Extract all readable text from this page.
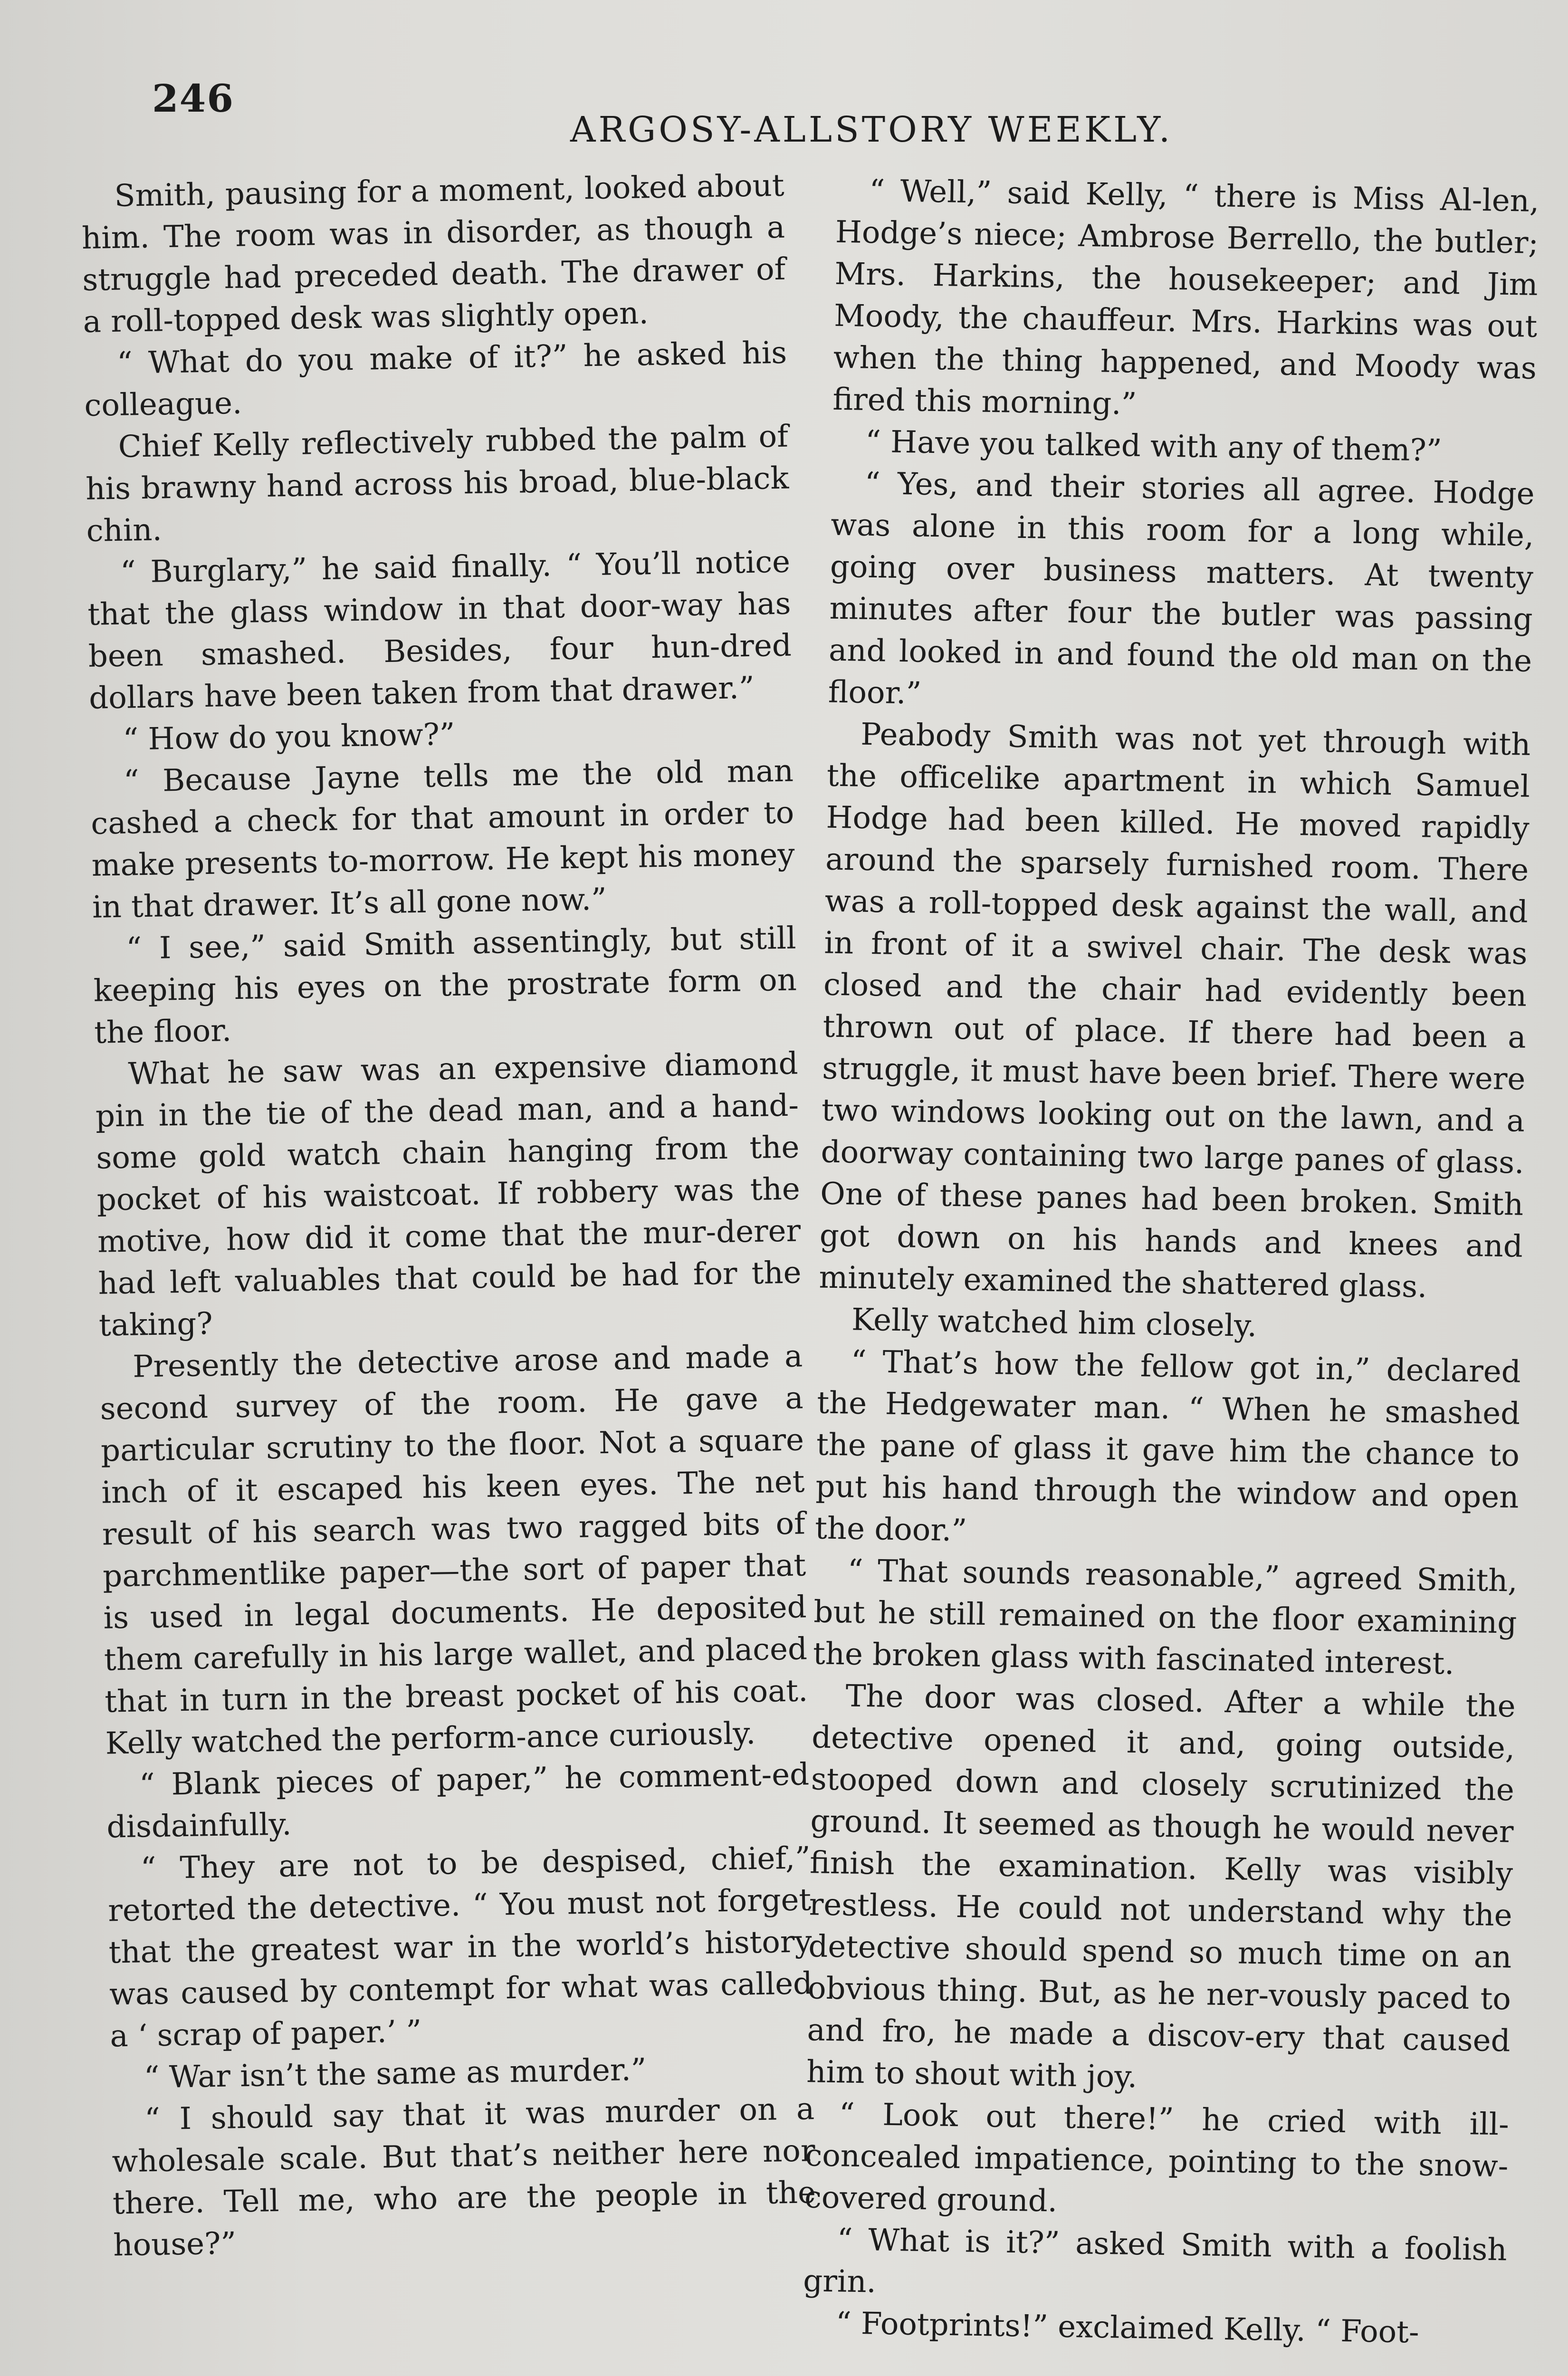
246
ARGOSY-ALLSTORY WEEKLY.

Smith, pausing for a moment, looked about him. The room was in disorder, as though a struggle had preceded death. The drawer of a roll-topped desk was slightly open.

“ What do you make of it?” he asked his colleague.

Chief Kelly reflectively rubbed the palm of his brawny hand across his broad, blue-black chin.

“ Burglary,” he said finally. “ You’ll notice that the glass window in that door-way has been smashed. Besides, four hun-dred dollars have been taken from that drawer.”

“ How do you know?”

“ Because Jayne tells me the old man cashed a check for that amount in order to make presents to-morrow. He kept his money in that drawer. It’s all gone now.”

“ I see,” said Smith assentingly, but still keeping his eyes on the prostrate form on the floor.

What he saw was an expensive diamond pin in the tie of the dead man, and a hand-some gold watch chain hanging from the pocket of his waistcoat. If robbery was the motive, how did it come that the mur-derer had left valuables that could be had for the taking?

Presently the detective arose and made a second survey of the room. He gave a particular scrutiny to the floor. Not a square inch of it escaped his keen eyes. The net result of his search was two ragged bits of parchmentlike paper—the sort of paper that is used in legal documents. He deposited them carefully in his large wallet, and placed that in turn in the breast pocket of his coat. Kelly watched the perform-ance curiously.

“ Blank pieces of paper,” he comment-ed disdainfully.

“ They are not to be despised, chief,” retorted the detective. “ You must not forget that the greatest war in the world’s history was caused by contempt for what was called a ‘ scrap of paper.’ ”

“ War isn’t the same as murder.”

“ I should say that it was murder on a wholesale scale. But that’s neither here nor there. Tell me, who are the people in the house?”

“ Well,” said Kelly, “ there is Miss Al-len, Hodge’s niece; Ambrose Berrello, the butler; Mrs. Harkins, the housekeeper; and Jim Moody, the chauffeur. Mrs. Harkins was out when the thing happened, and Moody was fired this morning.”

“ Have you talked with any of them?”

“ Yes, and their stories all agree. Hodge was alone in this room for a long while, going over business matters. At twenty minutes after four the butler was passing and looked in and found the old man on the floor.”

Peabody Smith was not yet through with the officelike apartment in which Samuel Hodge had been killed. He moved rapidly around the sparsely furnished room. There was a roll-topped desk against the wall, and in front of it a swivel chair. The desk was closed and the chair had evidently been thrown out of place. If there had been a struggle, it must have been brief. There were two windows looking out on the lawn, and a doorway containing two large panes of glass. One of these panes had been broken. Smith got down on his hands and knees and minutely examined the shattered glass.

Kelly watched him closely.

“ That’s how the fellow got in,” declared the Hedgewater man. “ When he smashed the pane of glass it gave him the chance to put his hand through the window and open the door.”

“ That sounds reasonable,” agreed Smith, but he still remained on the floor examining the broken glass with fascinated interest.

The door was closed. After a while the detective opened it and, going outside, stooped down and closely scrutinized the ground. It seemed as though he would never finish the examination. Kelly was visibly restless. He could not understand why the detective should spend so much time on an obvious thing. But, as he ner-vously paced to and fro, he made a discov-ery that caused him to shout with joy.

“ Look out there!” he cried with ill-concealed impatience, pointing to the snow-covered ground.

“ What is it?” asked Smith with a foolish grin.

“ Footprints!” exclaimed Kelly. “ Foot-
